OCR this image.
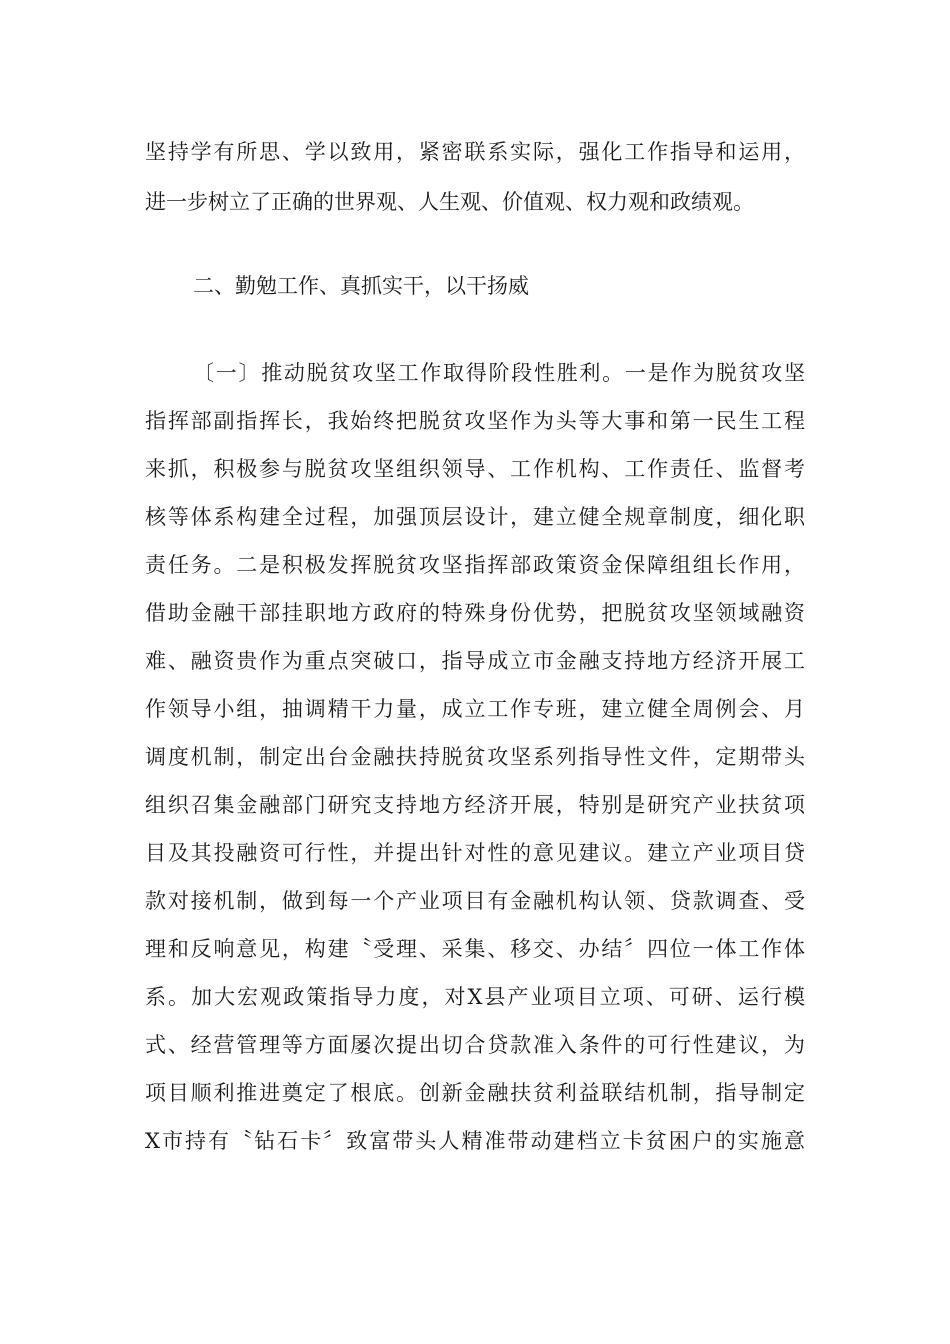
坚持学有所思、学以致用，紧密联系实际，强化工作指导和运用，
进一步树立了正确的世界观、人生观、价值观、权力观和政绩观。
二、勤勉工作、真抓实干，以干扬威
〔一〕推动脱贫攻坚工作取得阶段性胜利。一是作为脱贫攻坚
指挥部副指挥长，我始终把脱贫攻坚作为头等大事和第一民生工程
来抓，积极参与脱贫攻坚组织领导、工作机构、工作责任、监督考
核等体系构建全过程，加强顶层设计，建立健全规章制度，细化职
责任务。二是积极发挥脱贫攻坚指挥部政策资金保障组组长作用，
借助金融干部挂职地方政府的特殊身份优势，把脱贫攻坚领域融资
难、融资贵作为重点突破口，指导成立市金融支持地方经济开展工
作领导小组，抽调精干力量，成立工作专班，建立健全周例会、月
调度机制，制定出台金融扶持脱贫攻坚系列指导性文件，定期带头
组织召集金融部门研究支持地方经济开展，特别是研究产业扶贫项
目及其投融资可行性，并提出针对性的意见建议。建立产业项目贷
款对接机制，做到每一个产业项目有金融机构认领、贷款调查、受
理和反响意见，构建〝受理、采集、移交、办结〞四位一体工作体
系。加大宏观政策指导力度，对X县产业项目立项、可研、运行模
式、经营管理等方面屡次提出切合贷款准入条件的可行性建议，为
项目顺利推进奠定了根底。创新金融扶贫利益联结机制，指导制定
X市持有〝钻石卡〞致富带头人精准带动建档立卡贫困户的实施意
